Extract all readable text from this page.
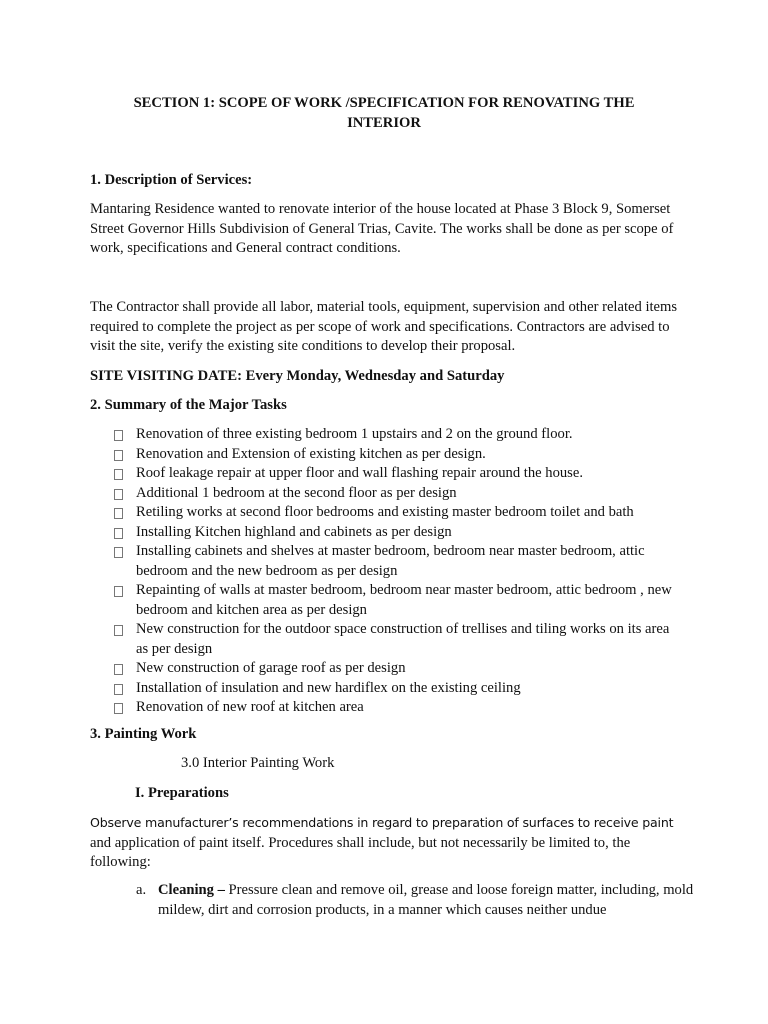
SECTION 1: SCOPE OF WORK /SPECIFICATION FOR RENOVATING THE INTERIOR

1. Description of Services:

Mantaring Residence wanted to renovate interior of the house located at Phase 3 Block 9, Somerset Street Governor Hills Subdivision of General Trias, Cavite. The works shall be done as per scope of work, specifications and General contract conditions.

The Contractor shall provide all labor, material tools, equipment, supervision and other related items required to complete the project as per scope of work and specifications. Contractors are advised to visit the site, verify the existing site conditions to develop their proposal.

SITE VISITING DATE: Every Monday, Wednesday and Saturday

2. Summary of the Major Tasks

Renovation of three existing bedroom 1 upstairs and 2 on the ground floor.
Renovation and Extension of existing kitchen as per design.
Roof leakage repair at upper floor and wall flashing repair around the house.
Additional 1 bedroom at the second floor as per design
Retiling works at second floor bedrooms and existing master bedroom toilet and bath
Installing Kitchen highland and cabinets as per design
Installing cabinets and shelves at master bedroom, bedroom near master bedroom, attic bedroom and the new bedroom as per design
Repainting of walls at master bedroom, bedroom near master bedroom, attic bedroom , new bedroom and kitchen area as per design
New construction for the outdoor space construction of trellises and tiling works on its area as per design
New construction of garage roof as per design
Installation of insulation and new hardiflex on the existing ceiling
Renovation of new roof at kitchen area

3. Painting Work

3.0 Interior Painting Work

I. Preparations

Observe manufacturer’s recommendations in regard to preparation of surfaces to receive paint and application of paint itself. Procedures shall include, but not necessarily be limited to, the following:

a. Cleaning – Pressure clean and remove oil, grease and loose foreign matter, including, mold mildew, dirt and corrosion products, in a manner which causes neither undue
